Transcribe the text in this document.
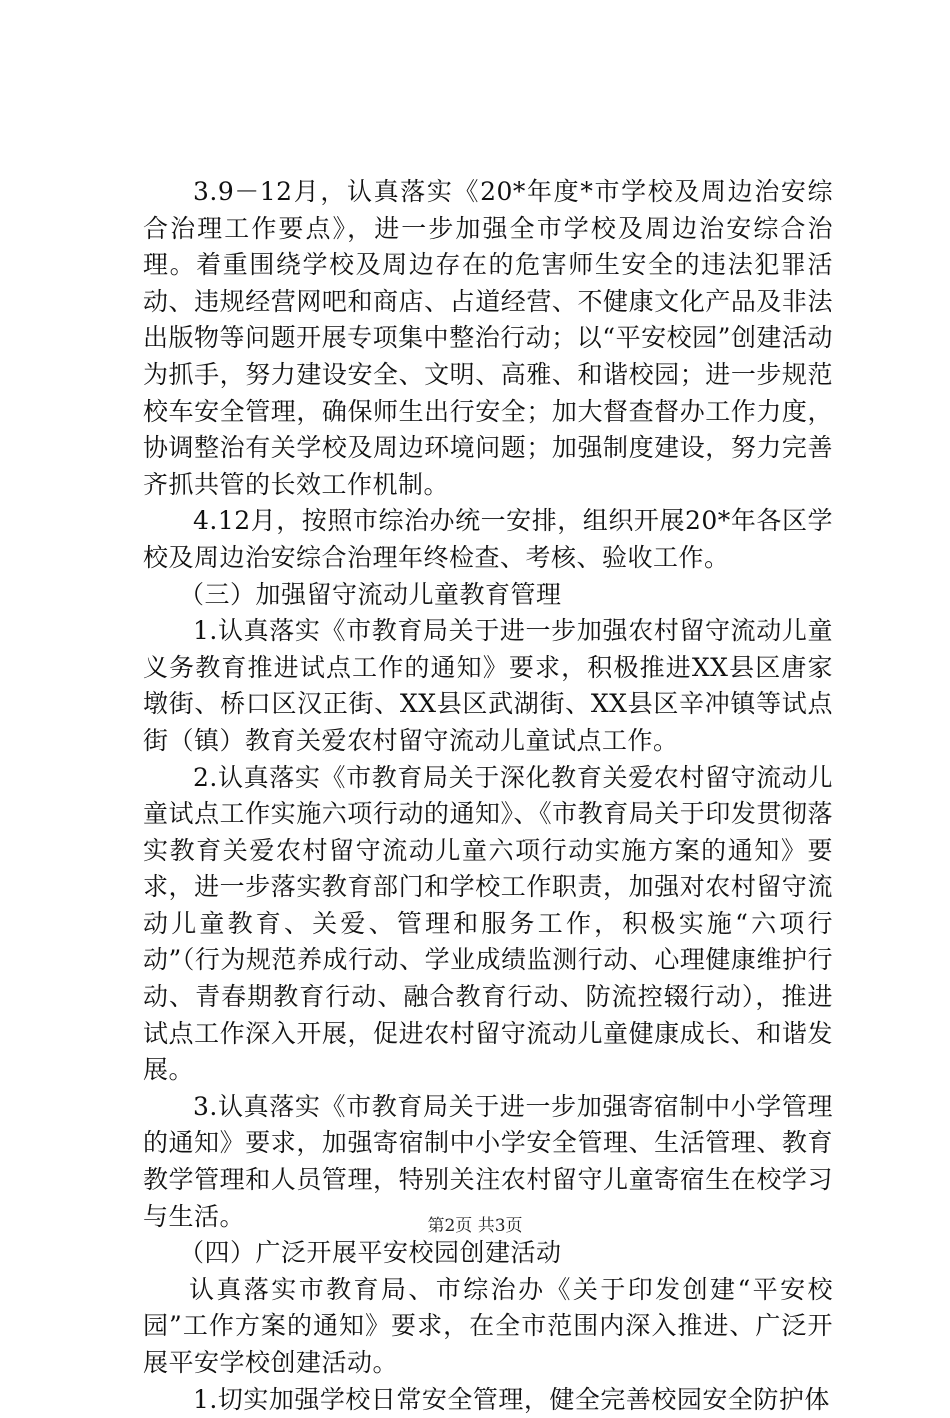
3.9－12月，认真落实《20*年度*市学校及周边治安综合治理工作要点》，进一步加强全市学校及周边治安综合治理。着重围绕学校及周边存在的危害师生安全的违法犯罪活动、违规经营网吧和商店、占道经营、不健康文化产品及非法出版物等问题开展专项集中整治行动；以“平安校园”创建活动为抓手，努力建设安全、文明、高雅、和谐校园；进一步规范校车安全管理，确保师生出行安全；加大督查督办工作力度，协调整治有关学校及周边环境问题；加强制度建设，努力完善齐抓共管的长效工作机制。

4.12月，按照市综治办统一安排，组织开展20*年各区学校及周边治安综合治理年终检查、考核、验收工作。

（三）加强留守流动儿童教育管理

1.认真落实《市教育局关于进一步加强农村留守流动儿童义务教育推进试点工作的通知》要求，积极推进XX县区唐家墩街、桥口区汉正街、XX县区武湖街、XX县区辛冲镇等试点街（镇）教育关爱农村留守流动儿童试点工作。

2.认真落实《市教育局关于深化教育关爱农村留守流动儿童试点工作实施六项行动的通知》、《市教育局关于印发贯彻落实教育关爱农村留守流动儿童六项行动实施方案的通知》要求，进一步落实教育部门和学校工作职责，加强对农村留守流动儿童教育、关爱、管理和服务工作，积极实施“六项行动”（行为规范养成行动、学业成绩监测行动、心理健康维护行动、青春期教育行动、融合教育行动、防流控辍行动），推进试点工作深入开展，促进农村留守流动儿童健康成长、和谐发展。

3.认真落实《市教育局关于进一步加强寄宿制中小学管理的通知》要求，加强寄宿制中小学安全管理、生活管理、教育教学管理和人员管理，特别关注农村留守儿童寄宿生在校学习与生活。

（四）广泛开展平安校园创建活动

认真落实市教育局、市综治办《关于印发创建“平安校园”工作方案的通知》要求，在全市范围内深入推进、广泛开展平安学校创建活动。

1.切实加强学校日常安全管理，健全完善校园安全防护体

第2页 共3页
